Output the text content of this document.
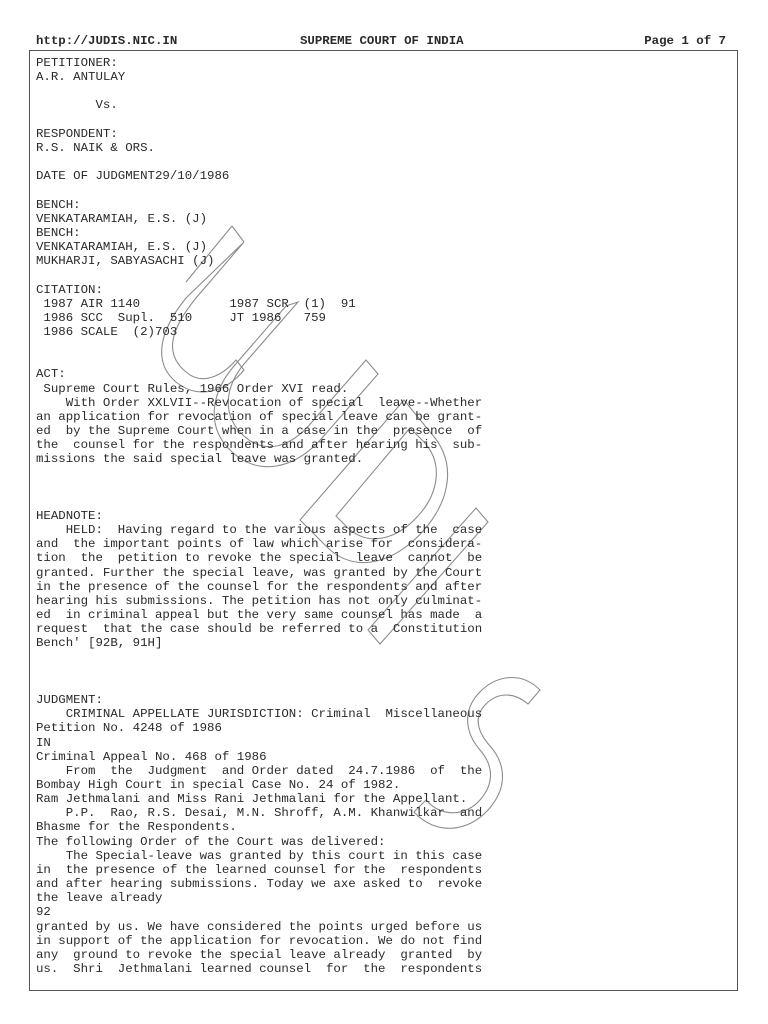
http://JUDIS.NIC.IN	SUPREME COURT OF INDIA	Page 1 of 7
PETITIONER:
A.R. ANTULAY

Vs.

RESPONDENT:
R.S. NAIK & ORS.

DATE OF JUDGMENT29/10/1986

BENCH:
VENKATARAMIAH, E.S. (J)
BENCH:
VENKATARAMIAH, E.S. (J)
MUKHARJI, SABYASACHI (J)

CITATION:
1987 AIR 1140            1987 SCR  (1)  91
1986 SCC  Supl.  510     JT 1986   759
1986 SCALE  (2)703

ACT:
Supreme Court Rules, 1966 Order XVI read.
With Order XXLVII--Revocation of special  leave--Whether
an application for revocation of special leave can be grant-
ed  by the Supreme Court when in a case in the  presence  of
the  counsel for the respondents and after hearing his  sub-
missions the said special leave was granted.

HEADNOTE:
HELD:  Having regard to the various aspects of the  case
and  the important points of law which arise for  considera-
tion  the  petition to revoke the special  leave  cannot  be
granted. Further the special leave, was granted by the Court
in the presence of the counsel for the respondents and after
hearing his submissions. The petition has not only culminat-
ed  in criminal appeal but the very same counsel has made  a
request  that the case should be referred to a  Constitution
Bench' [92B, 91H]

JUDGMENT:
CRIMINAL APPELLATE JURISDICTION: Criminal  Miscellaneous
Petition No. 4248 of 1986
IN
Criminal Appeal No. 468 of 1986
From  the  Judgment  and Order dated  24.7.1986  of  the
Bombay High Court in special Case No. 24 of 1982.
Ram Jethmalani and Miss Rani Jethmalani for the Appellant.
P.P.  Rao, R.S. Desai, M.N. Shroff, A.M. Khanwilkar  and
Bhasme for the Respondents.
The following Order of the Court was delivered:
The Special-leave was granted by this court in this case
in  the presence of the learned counsel for the  respondents
and after hearing submissions. Today we axe asked to  revoke
the leave already
92
granted by us. We have considered the points urged before us
in support of the application for revocation. We do not find
any  ground to revoke the special leave already  granted  by
us.  Shri  Jethmalani learned counsel  for  the  respondents
